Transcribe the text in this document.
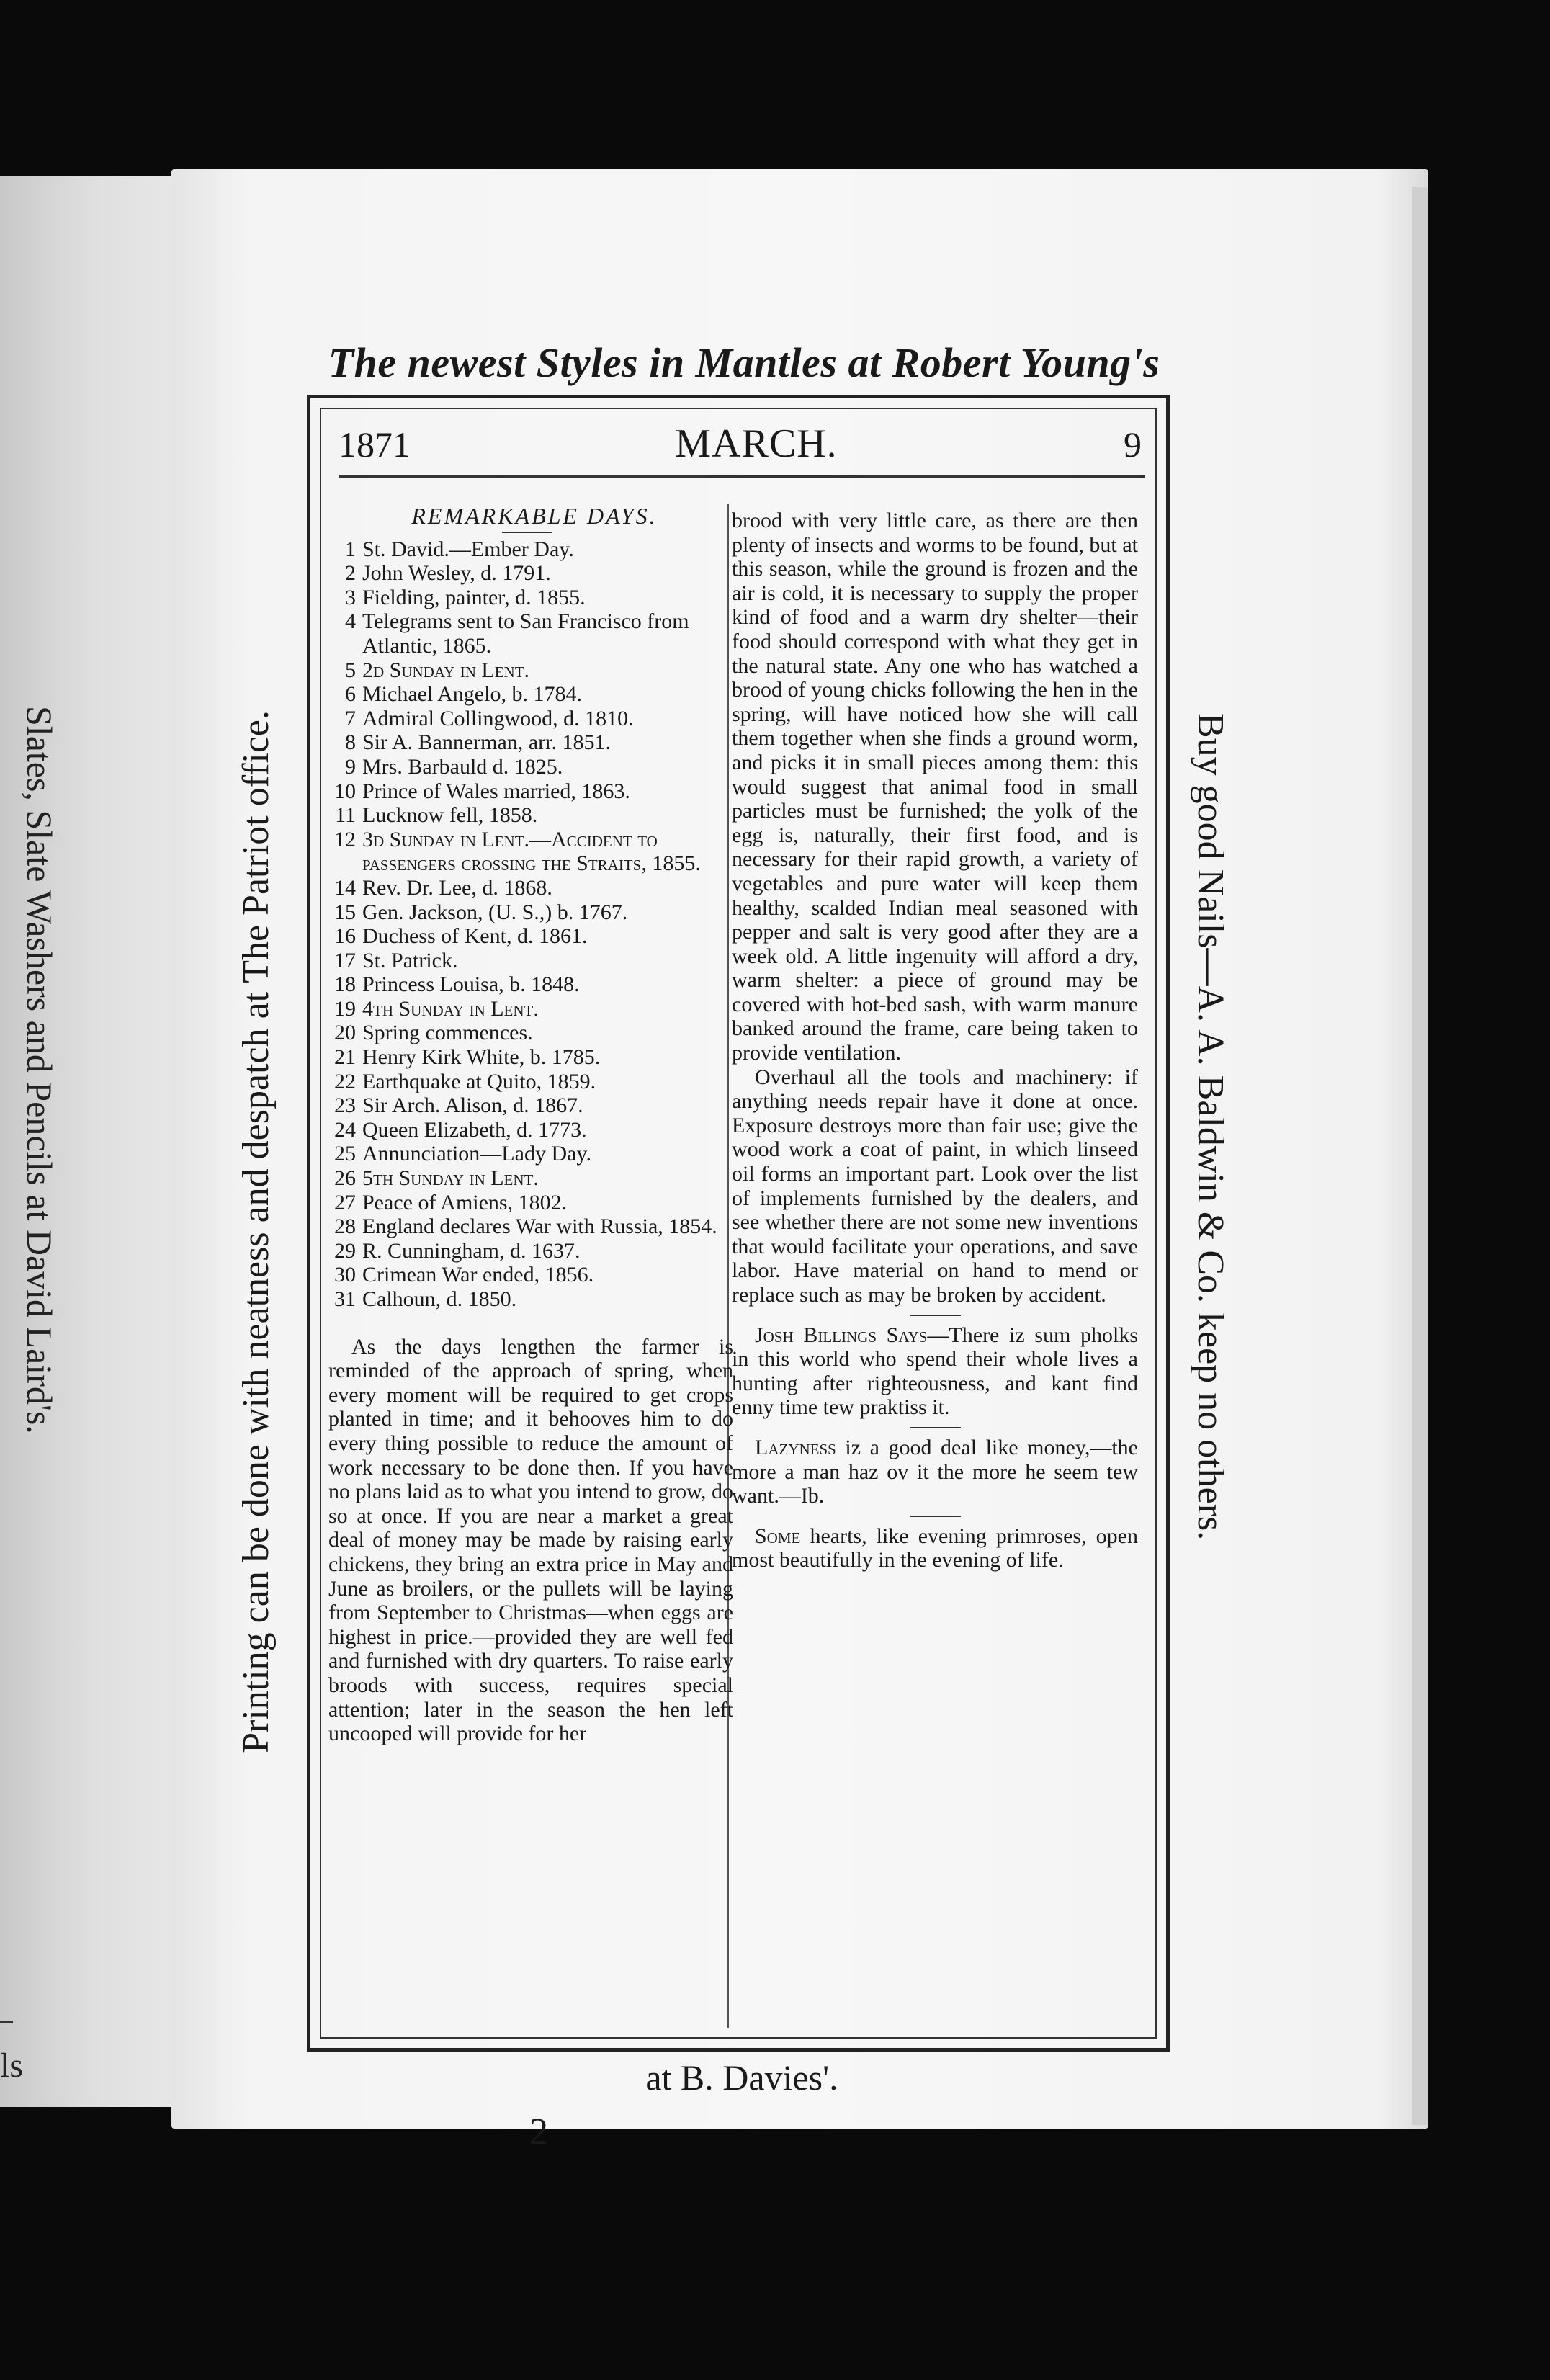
Slates, Slate Washers and Pencils at David Laird's.
ls
The newest Styles in Mantles at Robert Young's
Printing can be done with neatness and despatch at The Patriot office.	Buy good Nails—A. A. Baldwin & Co. keep no others.
1871	MARCH.	9
REMARKABLE DAYS.
1 St. David.—Ember Day.
2 John Wesley, d. 1791.
3 Fielding, painter, d. 1855.
4 Telegrams sent to San Francisco from Atlantic, 1865.
5 2d Sunday in Lent.
6 Michael Angelo, b. 1784.
7 Admiral Collingwood, d. 1810.
8 Sir A. Bannerman, arr. 1851.
9 Mrs. Barbauld d. 1825.
10 Prince of Wales married, 1863.
11 Lucknow fell, 1858.
12 3d Sunday in Lent.—Accident to passengers crossing the Straits, 1855.
14 Rev. Dr. Lee, d. 1868.
15 Gen. Jackson, (U. S.,) b. 1767.
16 Duchess of Kent, d. 1861.
17 St. Patrick.
18 Princess Louisa, b. 1848.
19 4th Sunday in Lent.
20 Spring commences.
21 Henry Kirk White, b. 1785.
22 Earthquake at Quito, 1859.
23 Sir Arch. Alison, d. 1867.
24 Queen Elizabeth, d. 1773.
25 Annunciation—Lady Day.
26 5th Sunday in Lent.
27 Peace of Amiens, 1802.
28 England declares War with Russia, 1854.
29 R. Cunningham, d. 1637.
30 Crimean War ended, 1856.
31 Calhoun, d. 1850.

As the days lengthen the farmer is reminded of the approach of spring, when every moment will be required to get crops planted in time; and it behooves him to do every thing possible to reduce the amount of work necessary to be done then. If you have no plans laid as to what you intend to grow, do so at once. If you are near a market a great deal of money may be made by raising early chickens, they bring an extra price in May and June as broilers, or the pullets will be laying from September to Christmas—when eggs are highest in price.—provided they are well fed and furnished with dry quarters. To raise early broods with success, requires special attention; later in the season the hen left uncooped will provide for her

brood with very little care, as there are then plenty of insects and worms to be found, but at this season, while the ground is frozen and the air is cold, it is necessary to supply the proper kind of food and a warm dry shelter—their food should correspond with what they get in the natural state. Any one who has watched a brood of young chicks following the hen in the spring, will have noticed how she will call them together when she finds a ground worm, and picks it in small pieces among them: this would suggest that animal food in small particles must be furnished; the yolk of the egg is, naturally, their first food, and is necessary for their rapid growth, a variety of vegetables and pure water will keep them healthy, scalded Indian meal seasoned with pepper and salt is very good after they are a week old. A little ingenuity will afford a dry, warm shelter: a piece of ground may be covered with hot-bed sash, with warm manure banked around the frame, care being taken to provide ventilation.

Overhaul all the tools and machinery: if anything needs repair have it done at once. Exposure destroys more than fair use; give the wood work a coat of paint, in which linseed oil forms an important part. Look over the list of implements furnished by the dealers, and see whether there are not some new inventions that would facilitate your operations, and save labor. Have material on hand to mend or replace such as may be broken by accident.

Josh Billings Says—There iz sum pholks in this world who spend their whole lives a hunting after righteousness, and kant find enny time tew praktiss it.

Lazyness iz a good deal like money,—the more a man haz ov it the more he seem tew want.—Ib.

Some hearts, like evening primroses, open most beautifully in the evening of life.

at B. Davies'.
2
